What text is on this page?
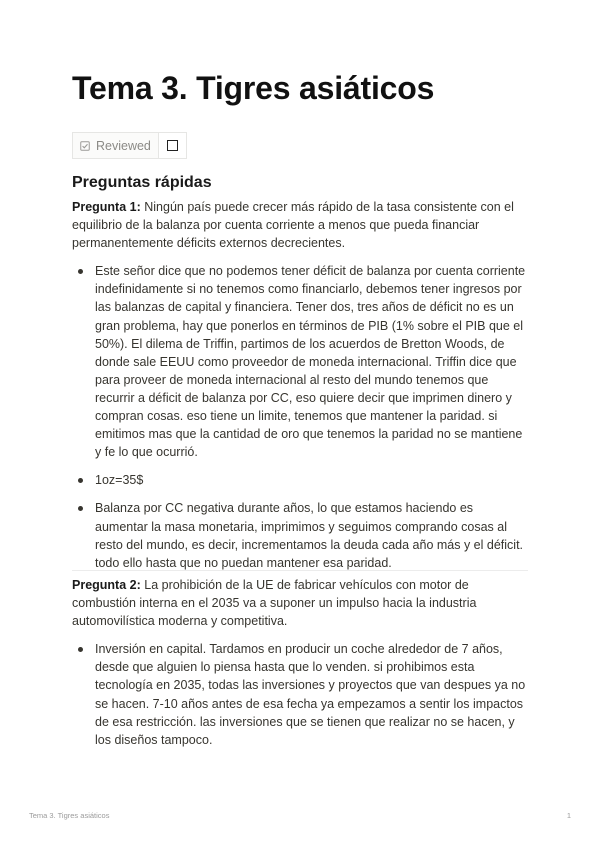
Tema 3. Tigres asiáticos
Reviewed
Preguntas rápidas

Pregunta 1: Ningún país puede crecer más rápido de la tasa consistente con el equilibrio de la balanza por cuenta corriente a menos que pueda financiar permanentemente déficits externos decrecientes.

Este señor dice que no podemos tener déficit de balanza por cuenta corriente indefinidamente si no tenemos como financiarlo, debemos tener ingresos por las balanzas de capital y financiera. Tener dos, tres años de déficit no es un gran problema, hay que ponerlos en términos de PIB (1% sobre el PIB que el 50%). El dilema de Triffin, partimos de los acuerdos de Bretton Woods, de donde sale EEUU como proveedor de moneda internacional. Triffin dice que para proveer de moneda internacional al resto del mundo tenemos que recurrir a déficit de balanza por CC, eso quiere decir que imprimen dinero y compran cosas. eso tiene un limite, tenemos que mantener la paridad. si emitimos mas que la cantidad de oro que tenemos la paridad no se mantiene y fe lo que ocurrió.
1oz=35$
Balanza por CC negativa durante años, lo que estamos haciendo es aumentar la masa monetaria, imprimimos y seguimos comprando cosas al resto del mundo, es decir, incrementamos la deuda cada año más y el déficit. todo ello hasta que no puedan mantener esa paridad.

Pregunta 2: La prohibición de la UE de fabricar vehículos con motor de combustión interna en el 2035 va a suponer un impulso hacia la industria automovilística moderna y competitiva.

Inversión en capital. Tardamos en producir un coche alrededor de 7 años, desde que alguien lo piensa hasta que lo venden. si prohibimos esta tecnología en 2035, todas las inversiones y proyectos que van despues ya no se hacen. 7-10 años antes de esa fecha ya empezamos a sentir los impactos de esa restricción. las inversiones que se tienen que realizar no se hacen, y los diseños tampoco.
Tema 3. Tigres asiáticos	1
